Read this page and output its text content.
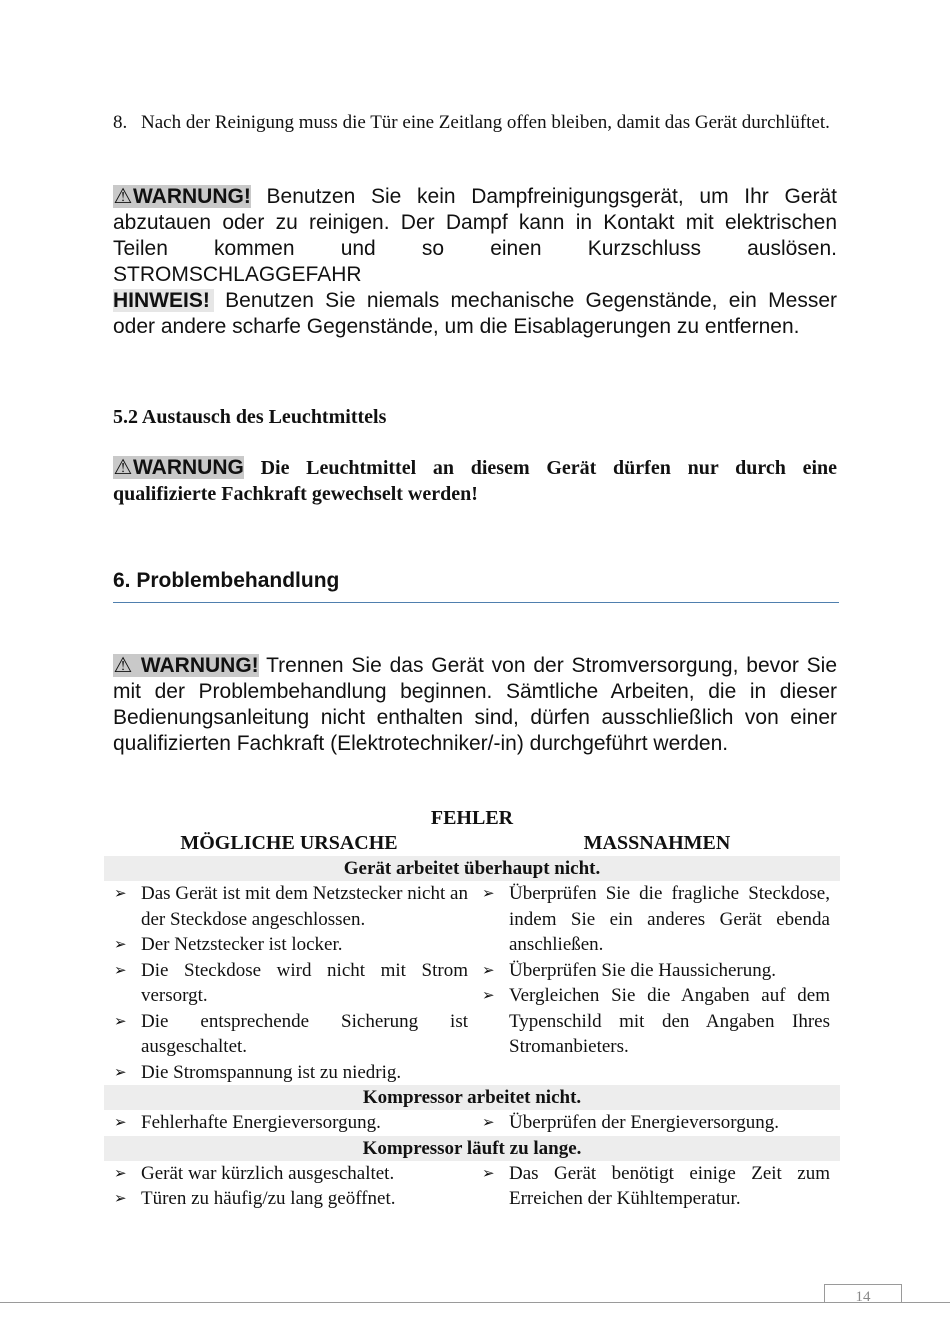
8. Nach der Reinigung muss die Tür eine Zeitlang offen bleiben, damit das Gerät durchlüftet.
⚠WARNUNG! Benutzen Sie kein Dampfreinigungsgerät, um Ihr Gerät abzutauen oder zu reinigen. Der Dampf kann in Kontakt mit elektrischen Teilen kommen und so einen Kurzschluss auslösen. STROMSCHLAGGEFAHR
HINWEIS! Benutzen Sie niemals mechanische Gegenstände, ein Messer oder andere scharfe Gegenstände, um die Eisablagerungen zu entfernen.
5.2 Austausch des Leuchtmittels
⚠WARNUNG Die Leuchtmittel an diesem Gerät dürfen nur durch eine qualifizierte Fachkraft gewechselt werden!
6. Problembehandlung
⚠ WARNUNG! Trennen Sie das Gerät von der Stromversorgung, bevor Sie mit der Problembehandlung beginnen. Sämtliche Arbeiten, die in dieser Bedienungsanleitung nicht enthalten sind, dürfen ausschließlich von einer qualifizierten Fachkraft (Elektrotechniker/-in) durchgeführt werden.
FEHLER
MÖGLICHE URSACHE	MASSNAHMEN
Gerät arbeitet überhaupt nicht.
➢ Das Gerät ist mit dem Netzstecker nicht an der Steckdose angeschlossen.
➢ Der Netzstecker ist locker.
➢ Die Steckdose wird nicht mit Strom versorgt.
➢ Die entsprechende Sicherung ist ausgeschaltet.
➢ Die Stromspannung ist zu niedrig.
➢ Überprüfen Sie die fragliche Steckdose, indem Sie ein anderes Gerät ebenda anschließen.
➢ Überprüfen Sie die Haussicherung.
➢ Vergleichen Sie die Angaben auf dem Typenschild mit den Angaben Ihres Stromanbieters.
Kompressor arbeitet nicht.
➢ Fehlerhafte Energieversorgung.	➢ Überprüfen der Energieversorgung.
Kompressor läuft zu lange.
➢ Gerät war kürzlich ausgeschaltet.
➢ Türen zu häufig/zu lang geöffnet.
➢ Das Gerät benötigt einige Zeit zum Erreichen der Kühltemperatur.
14
